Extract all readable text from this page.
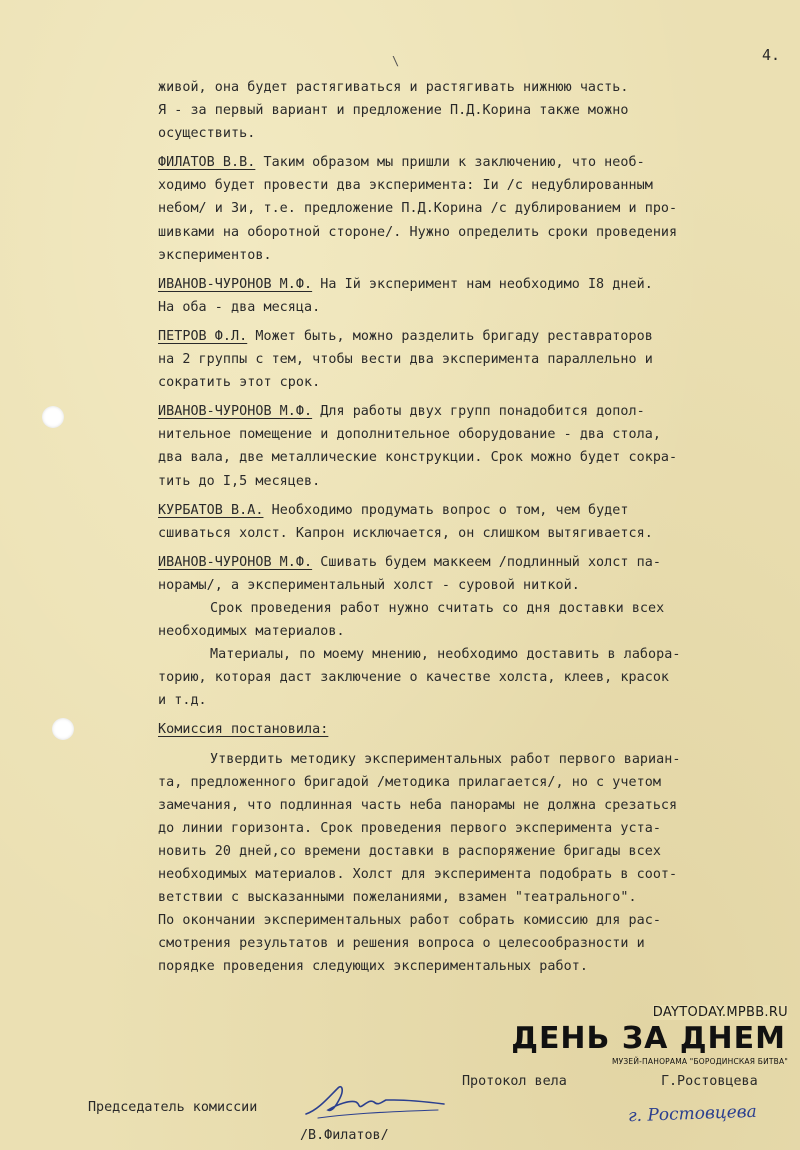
\	4.
живой, она будет растягиваться и растягивать нижнюю часть.
Я - за первый вариант и предложение П.Д.Корина также можно
осуществить.
ФИЛАТОВ В.В. Таким образом мы пришли к заключению, что необ-
ходимо будет провести два эксперимента: Iи /с недублированным
небом/ и 3и, т.е. предложение П.Д.Корина /с дублированием и про-
шивками на оборотной стороне/. Нужно определить сроки проведения
экспериментов.
ИВАНОВ-ЧУРОНОВ М.Ф. На Iй эксперимент нам необходимо I8 дней.
На оба - два месяца.
ПЕТРОВ Ф.Л. Может быть, можно разделить бригаду реставраторов
на 2 группы с тем, чтобы вести два эксперимента параллельно и
сократить этот срок.
ИВАНОВ-ЧУРОНОВ М.Ф. Для работы двух групп понадобится допол-
нительное помещение и дополнительное оборудование - два стола,
два вала, две металлические конструкции. Срок можно будет сокра-
тить до I,5 месяцев.
КУРБАТОВ В.А. Необходимо продумать вопрос о том, чем будет
сшиваться холст. Капрон исключается, он слишком вытягивается.
ИВАНОВ-ЧУРОНОВ М.Ф. Сшивать будем маккеем /подлинный холст па-
норамы/, а экспериментальный холст - суровой ниткой.
Срок проведения работ нужно считать со дня доставки всех
необходимых материалов.
Материалы, по моему мнению, необходимо доставить в лабора-
торию, которая даст заключение о качестве холста, клеев, красок
и т.д.
Комиссия постановила:
Утвердить методику экспериментальных работ первого вариан-
та, предложенного бригадой /методика прилагается/, но с учетом
замечания, что подлинная часть неба панорамы не должна срезаться
до линии горизонта. Срок проведения первого эксперимента уста-
новить 20 дней,со времени доставки в распоряжение бригады всех
необходимых материалов. Холст для эксперимента подобрать в соот-
ветствии с высказанными пожеланиями, взамен "театрального".
По окончании экспериментальных работ собрать комиссию для рас-
смотрения результатов и решения вопроса о целесообразности и
порядке проведения следующих экспериментальных работ.
DAYTODAY.MPBB.RU
ДЕНЬ ЗА ДНЕМ
МУЗЕЙ-ПАНОРАМА "БОРОДИНСКАЯ БИТВА"
Протокол вела	Г.Ростовцева
Председатель комиссии
/В.Филатов/
г. Ростовцева
